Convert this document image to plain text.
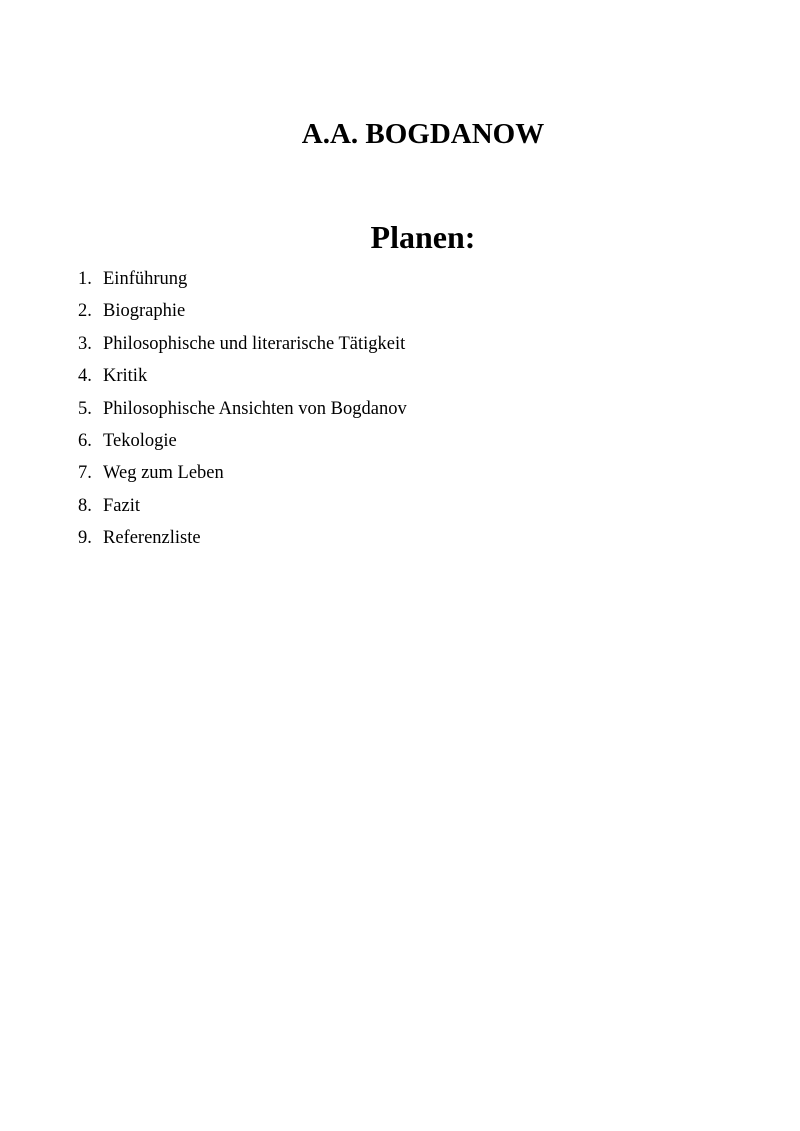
A.A. BOGDANOW
Planen:
1. Einführung
2. Biographie
3. Philosophische und literarische Tätigkeit
4. Kritik
5. Philosophische Ansichten von Bogdanov
6. Tekologie
7. Weg zum Leben
8. Fazit
9. Referenzliste
